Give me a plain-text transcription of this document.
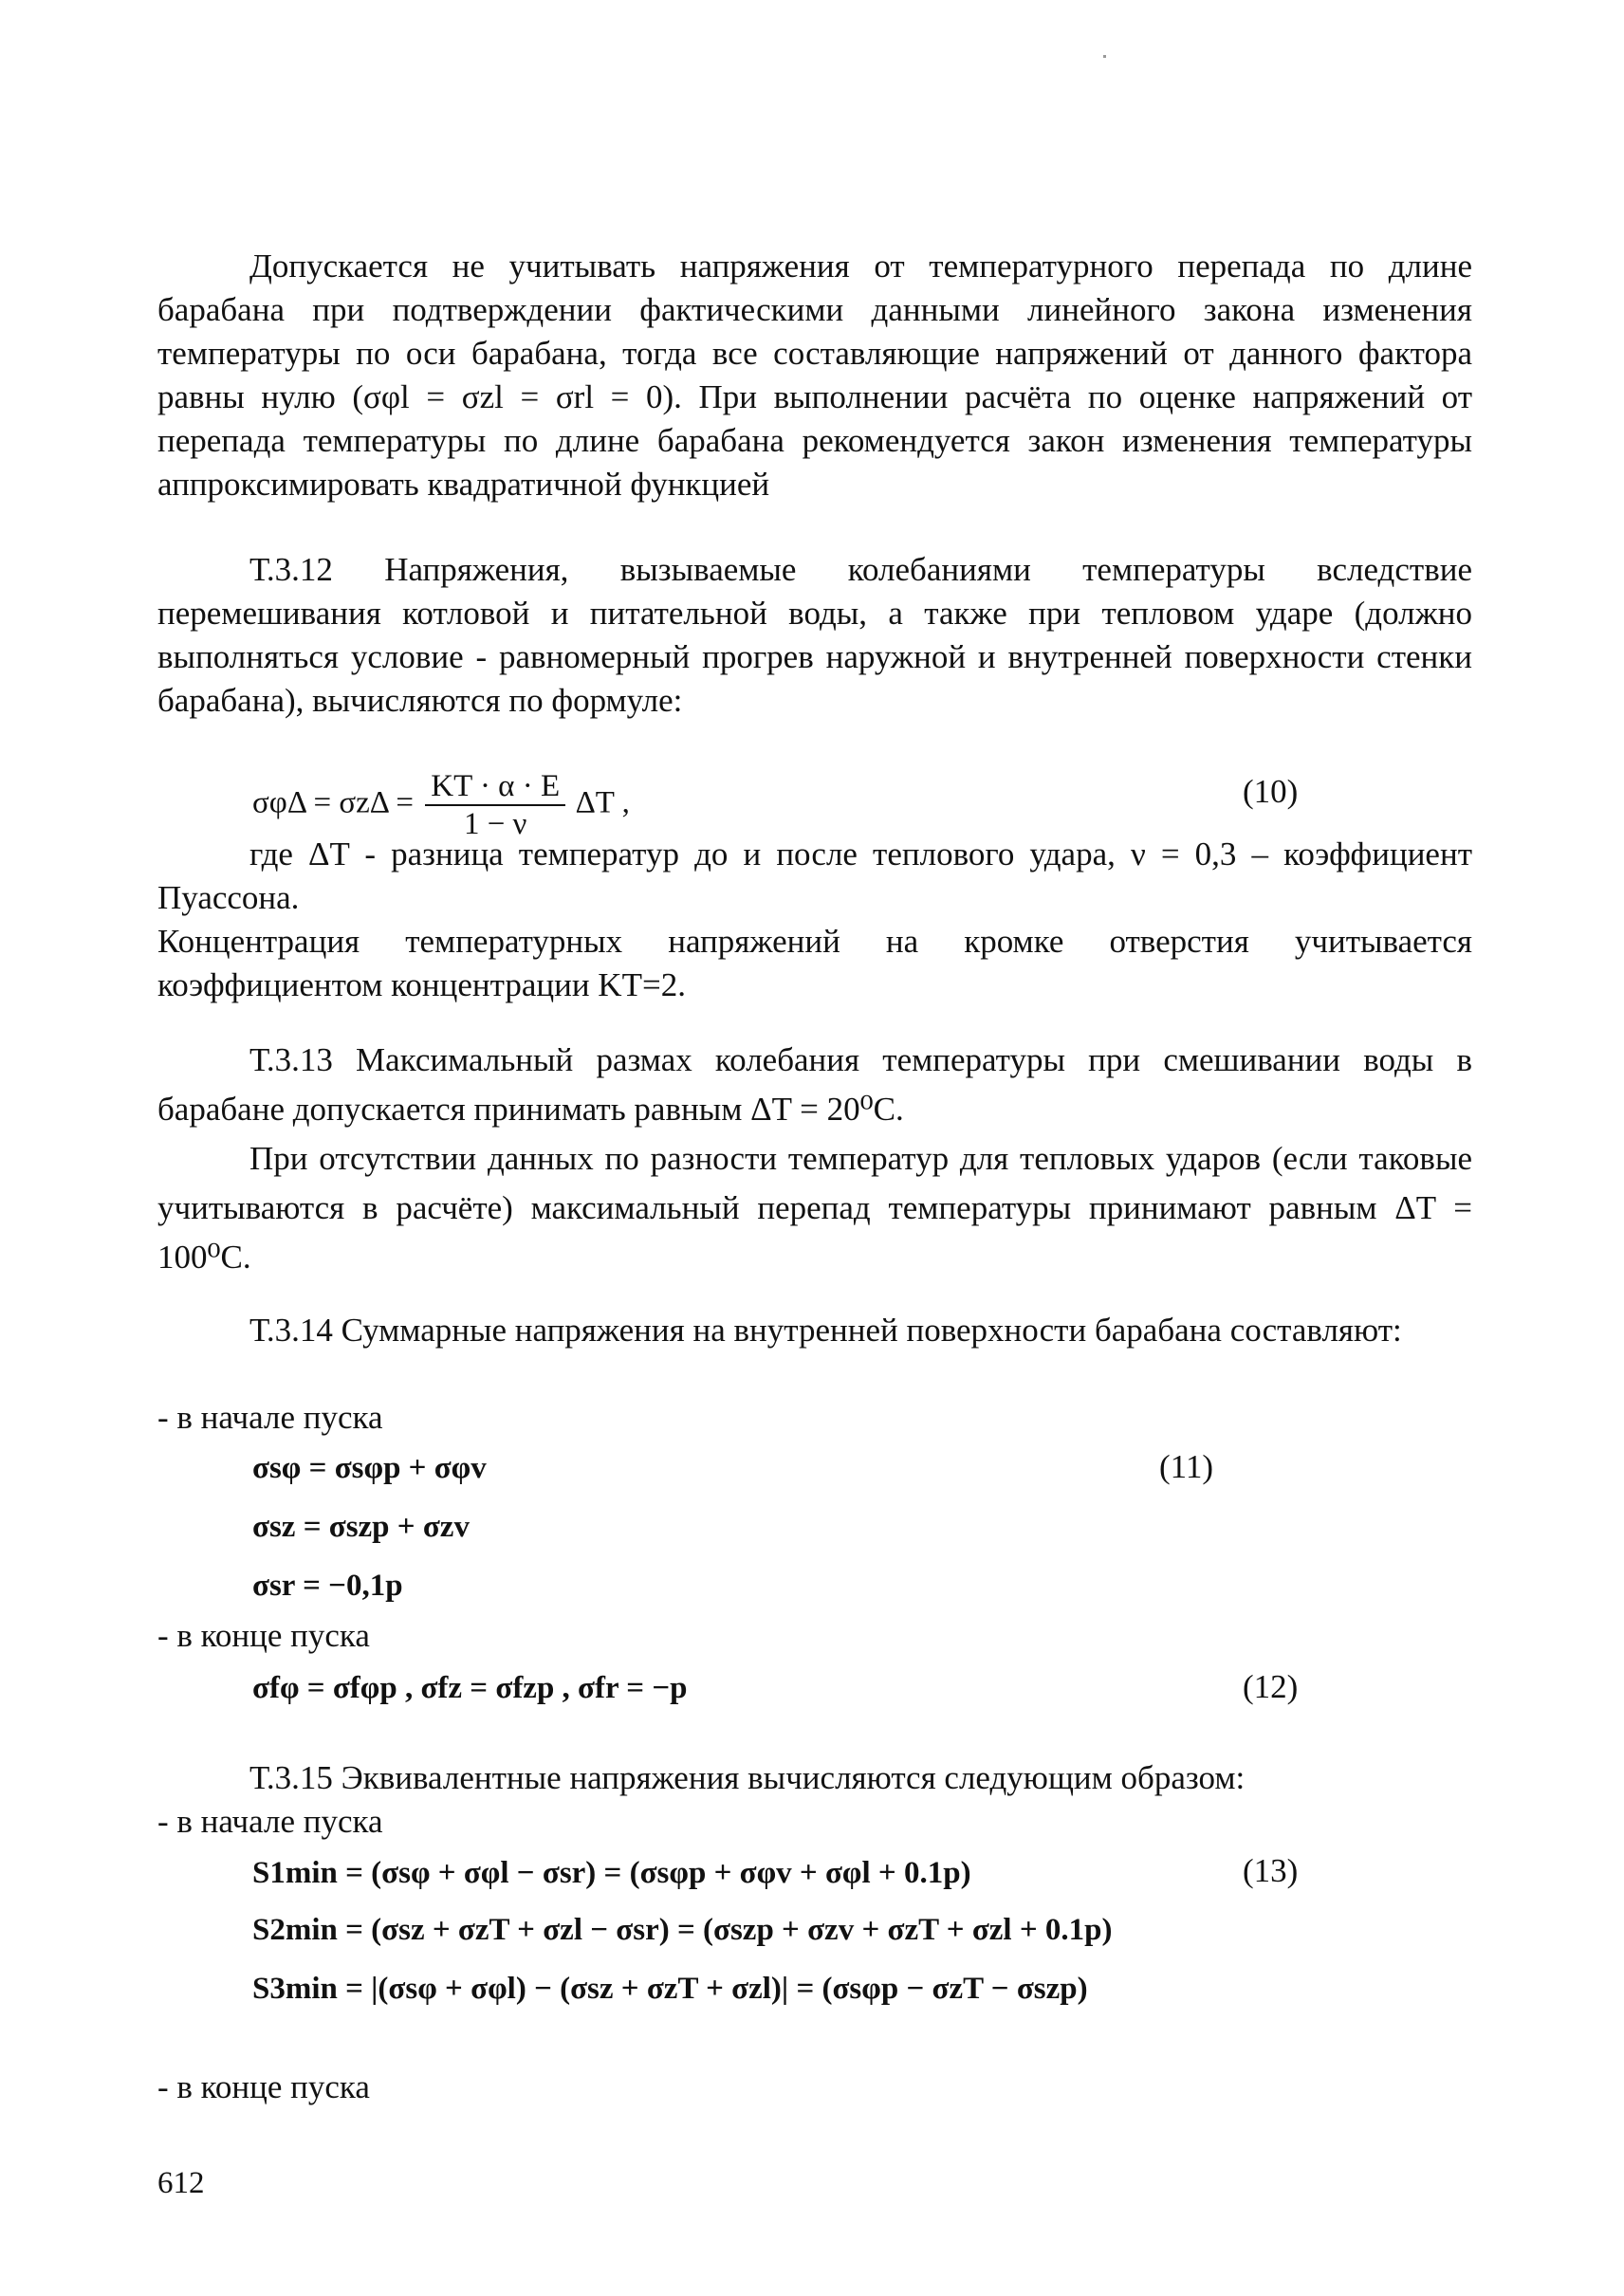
Допускается не учитывать напряжения от температурного перепада по длине барабана при подтверждении фактическими данными линейного закона изменения температуры по оси барабана, тогда все составляющие напряжений от данного фактора равны нулю (σφl = σzl = σrl = 0). При выполнении расчёта по оценке напряжений от перепада температуры по длине барабана рекомендуется закон изменения температуры аппроксимировать квадратичной функцией

Т.3.12 Напряжения, вызываемые колебаниями температуры вследствие перемешивания котловой и питательной воды, а также при тепловом ударе (должно выполняться условие - равномерный прогрев наружной и внутренней поверхности стенки барабана), вычисляются по формуле:

$\sigma\varphi\Delta = \sigma z\Delta = \frac{KT \cdot \alpha \cdot E}{1 - \nu}$ ΔT ,	(10)

где ΔT - разница температур до и после теплового удара, ν = 0,3 – коэффициент Пуассона.

Концентрация температурных напряжений на кромке отверстия учитывается коэффициентом концентрации KT=2.

Т.3.13 Максимальный размах колебания температуры при смешивании воды в барабане допускается принимать равным ΔT = 20⁰C.

При отсутствии данных по разности температур для тепловых ударов (если таковые учитываются в расчёте) максимальный перепад температуры принимают равным ΔT = 100⁰C.

Т.3.14 Суммарные напряжения на внутренней поверхности барабана составляют:

- в начале пуска
σsφ = σsφp + σφv	(11)
σsz = σszp + σzv
σsr = −0,1p
- в конце пуска
σfφ = σfφp , σfz = σfzp , σfr = −p	(12)

Т.3.15 Эквивалентные напряжения вычисляются следующим образом:

- в начале пуска
S1min = (σsφ + σφl − σsr) = (σsφp + σφv + σφl + 0.1p)	(13)
S2min = (σsz + σzT + σzl − σsr) = (σszp + σzv + σzT + σzl + 0.1p)
S3min = |(σsφ + σφl) − (σsz + σzT + σzl)| = (σsφp − σzT − σszp)
- в конце пуска
612
